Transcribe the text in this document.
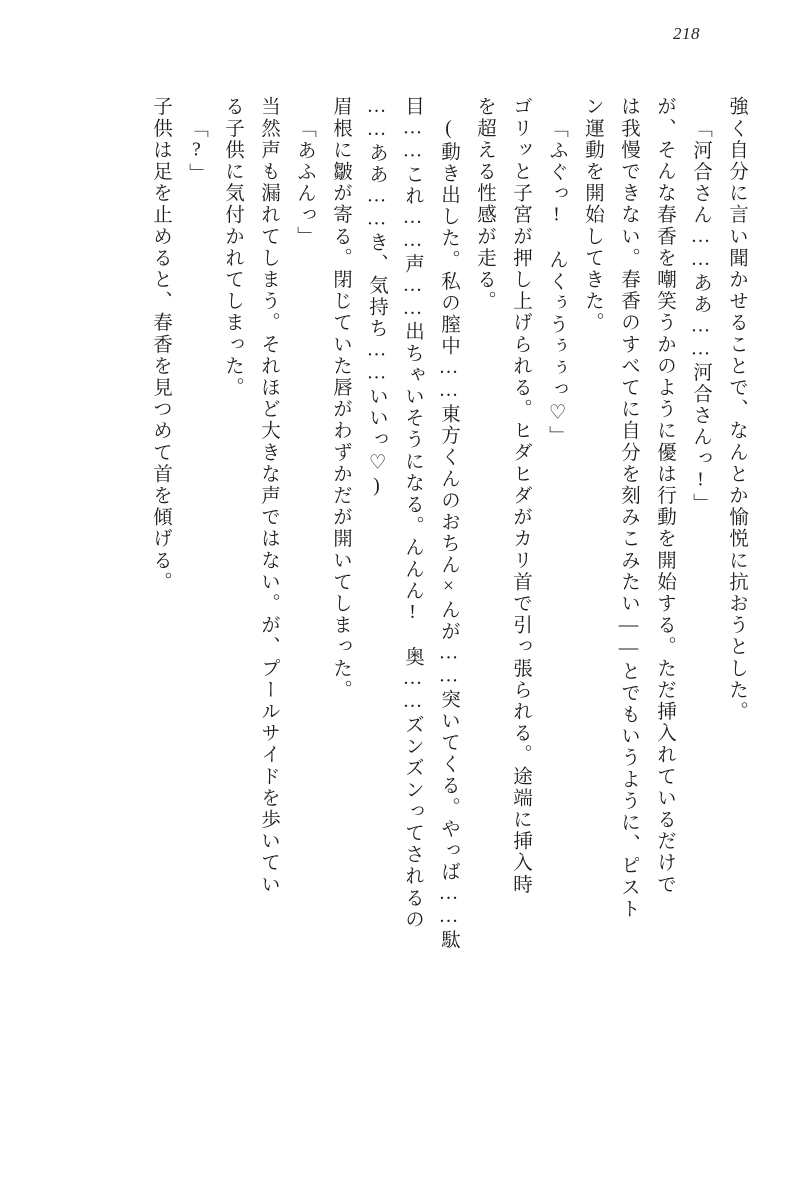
218
強く自分に言い聞かせることで、なんとか愉悦に抗おうとした。
「河合さん……ああ……河合さんっ!」
が、そんな春香を嘲笑うかのように優は行動を開始する。ただ挿入れているだけで
は我慢できない。春香のすべてに自分を刻みこみたい——とでもいうように、ピスト
ン運動を開始してきた。
「ふぐっ!　んくぅうぅぅっ♡」
ゴリッと子宮が押し上げられる。ヒダヒダがカリ首で引っ張られる。途端に挿入時
を超える性感が走る。
(動き出した。私の膣中……東方くんのおちん×んが……突いてくる。やっば……駄
目……これ……声……出ちゃいそうになる。んんん!　奥……ズンズンってされるの
……ああ……き、気持ち……いいっ♡)
眉根に皺が寄る。閉じていた唇がわずかだが開いてしまった。
「あふんっ」
当然声も漏れてしまう。それほど大きな声ではない。が、プールサイドを歩いてい
る子供に気付かれてしまった。
「?」
子供は足を止めると、春香を見つめて首を傾げる。
